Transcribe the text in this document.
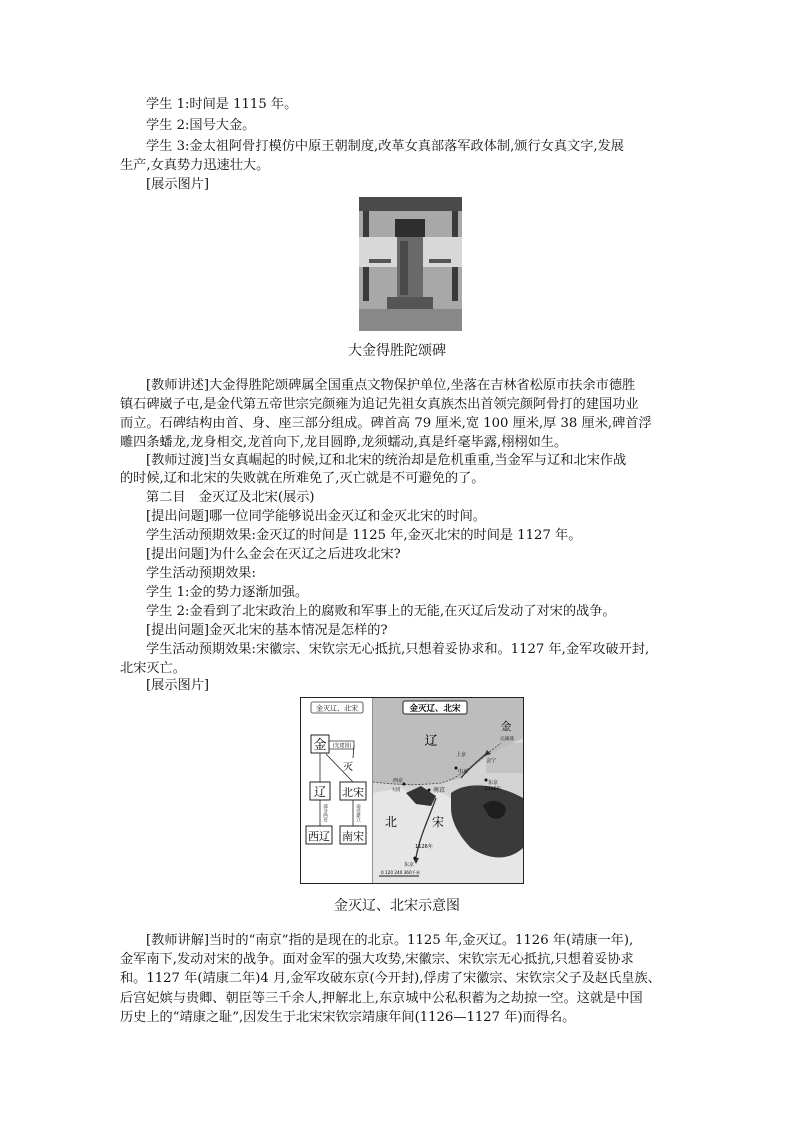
学生 1:时间是 1115 年。
学生 2:国号大金。
学生 3:金太祖阿骨打模仿中原王朝制度,改革女真部落军政体制,颁行女真文字,发展
生产,女真势力迅速壮大。
[展示图片]
大金得胜陀颂碑
[教师讲述]大金得胜陀颂碑属全国重点文物保护单位,坐落在吉林省松原市扶余市德胜
镇石碑崴子屯,是金代第五帝世宗完颜雍为追记先祖女真族杰出首领完颜阿骨打的建国功业
而立。石碑结构由首、身、座三部分组成。碑首高 79 厘米,宽 100 厘米,厚 38 厘米,碑首浮
雕四条蟠龙,龙身相交,龙首向下,龙目圆睁,龙须蠕动,真是纤毫毕露,栩栩如生。
[教师过渡]当女真崛起的时候,辽和北宋的统治却是危机重重,当金军与辽和北宋作战
的时候,辽和北宋的失败就在所难免了,灭亡就是不可避免的了。
第二目　金灭辽及北宋(展示)
[提出问题]哪一位同学能够说出金灭辽和金灭北宋的时间。
学生活动预期效果:金灭辽的时间是 1125 年,金灭北宋的时间是 1127 年。
[提出问题]为什么金会在灭辽之后进攻北宋?
学生活动预期效果:
学生 1:金的势力逐渐加强。
学生 2:金看到了北宋政治上的腐败和军事上的无能,在灭辽后发动了对宋的战争。
[提出问题]金灭北宋的基本情况是怎样的?
学生活动预期效果:宋徽宗、宋钦宗无心抵抗,只想着妥协求和。1127 年,金军攻破开封,
北宋灭亡。
[展示图片]
金灭辽、北宋
金 (先建国)
灭
辽 北宋
部分西迁	南迁建立
西辽 南宋
金灭辽、北宋
金
完颜部
辽
上京
会宁
中京
东京
1116年
西京
大同	南京
北	宋
1126年
东京
0 120 240 360千米
金灭辽、北宋示意图
[教师讲解]当时的“南京”指的是现在的北京。1125 年,金灭辽。1126 年(靖康一年),
金军南下,发动对宋的战争。面对金军的强大攻势,宋徽宗、宋钦宗无心抵抗,只想着妥协求
和。1127 年(靖康二年)4 月,金军攻破东京(今开封),俘虏了宋徽宗、宋钦宗父子及赵氏皇族、
后宫妃嫔与贵卿、朝臣等三千余人,押解北上,东京城中公私积蓄为之劫掠一空。这就是中国
历史上的“靖康之耻”,因发生于北宋宋钦宗靖康年间(1126—1127 年)而得名。
